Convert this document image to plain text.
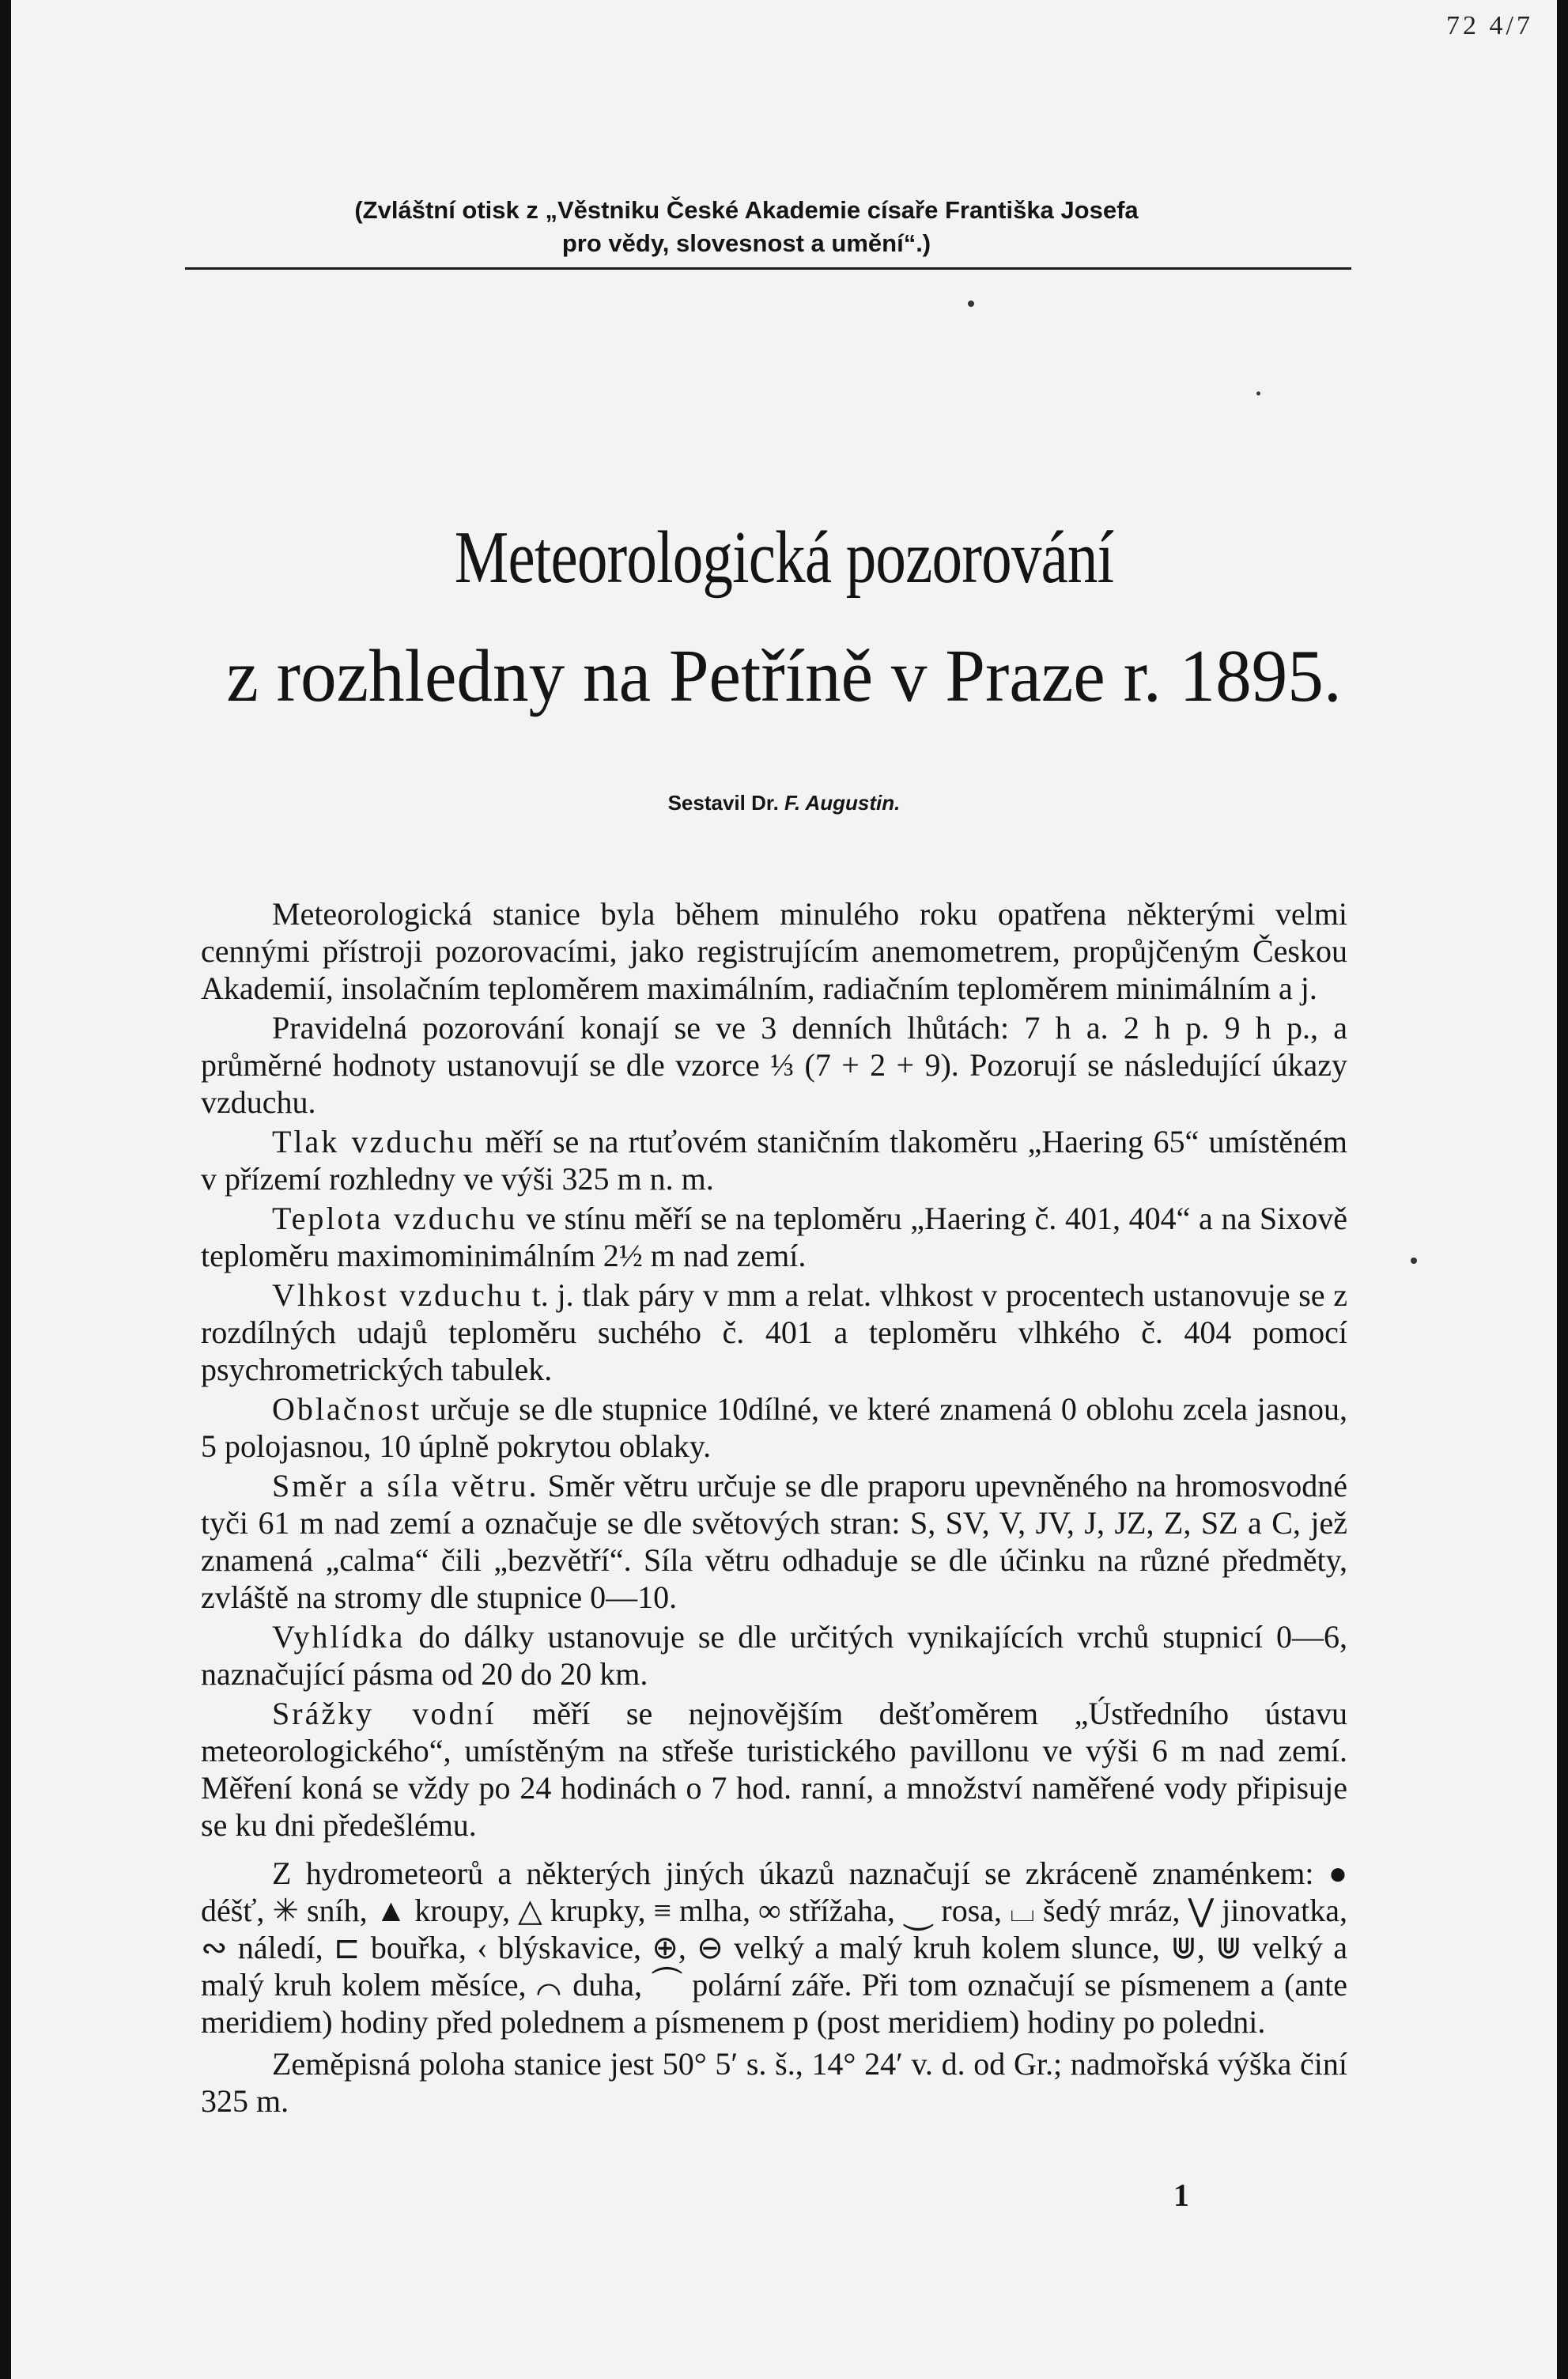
72 4/7
(Zvláštní otisk z „Věstniku České Akademie císaře Františka Josefa
pro vědy, slovesnost a umění“.)
Meteorologická pozorování
z rozhledny na Petříně v Praze r. 1895.
Sestavil Dr. F. Augustin.

Meteorologická stanice byla během minulého roku opatřena některými velmi cennými přístroji pozorovacími, jako registrujícím anemometrem, propůjčeným Českou Akademií, insolačním teploměrem maximálním, radiačním teploměrem minimálním a j.

Pravidelná pozorování konají se ve 3 denních lhůtách: 7 h a. 2 h p. 9 h p., a průměrné hodnoty ustanovují se dle vzorce ⅓ (7 + 2 + 9). Pozorují se následující úkazy vzduchu.

Tlak vzduchu měří se na rtuťovém staničním tlakoměru „Haering 65“ umístěném v přízemí rozhledny ve výši 325 m n. m.

Teplota vzduchu ve stínu měří se na teploměru „Haering č. 401, 404“ a na Sixově teploměru maximominimálním 2½ m nad zemí.

Vlhkost vzduchu t. j. tlak páry v mm a relat. vlhkost v procentech ustanovuje se z rozdílných udajů teploměru suchého č. 401 a teploměru vlhkého č. 404 pomocí psychrometrických tabulek.

Oblačnost určuje se dle stupnice 10dílné, ve které znamená 0 oblohu zcela jasnou, 5 polojasnou, 10 úplně pokrytou oblaky.

Směr a síla větru. Směr větru určuje se dle praporu upevněného na hromosvodné tyči 61 m nad zemí a označuje se dle světových stran: S, SV, V, JV, J, JZ, Z, SZ a C, jež znamená „calma“ čili „bezvětří“. Síla větru odhaduje se dle účinku na různé předměty, zvláště na stromy dle stupnice 0—10.

Vyhlídka do dálky ustanovuje se dle určitých vynikajících vrchů stupnicí 0—6, naznačující pásma od 20 do 20 km.

Srážky vodní měří se nejnovějším dešťoměrem „Ústředního ústavu meteorologického“, umístěným na střeše turistického pavillonu ve výši 6 m nad zemí. Měření koná se vždy po 24 hodinách o 7 hod. ranní, a množství naměřené vody připisuje se ku dni předešlému.

Z hydrometeorů a některých jiných úkazů naznačují se zkráceně znaménkem: ● déšť, ✳ sníh, ▲ kroupy, △ krupky, ≡ mlha, ∞ střížaha, ⏝ rosa, ⌴ šedý mráz, ⋁ jinovatka, ∾ náledí, ⊏ bouřka, ‹ blýskavice, ⊕, ⊖ velký a malý kruh kolem slunce, ⋓, ⋓ velký a malý kruh kolem měsíce, ⌒ duha, ⏜ polární záře. Při tom označují se písmenem a (ante meridiem) hodiny před polednem a písmenem p (post meridiem) hodiny po poledni.

Zeměpisná poloha stanice jest 50° 5′ s. š., 14° 24′ v. d. od Gr.; nadmořská výška činí 325 m.

1
